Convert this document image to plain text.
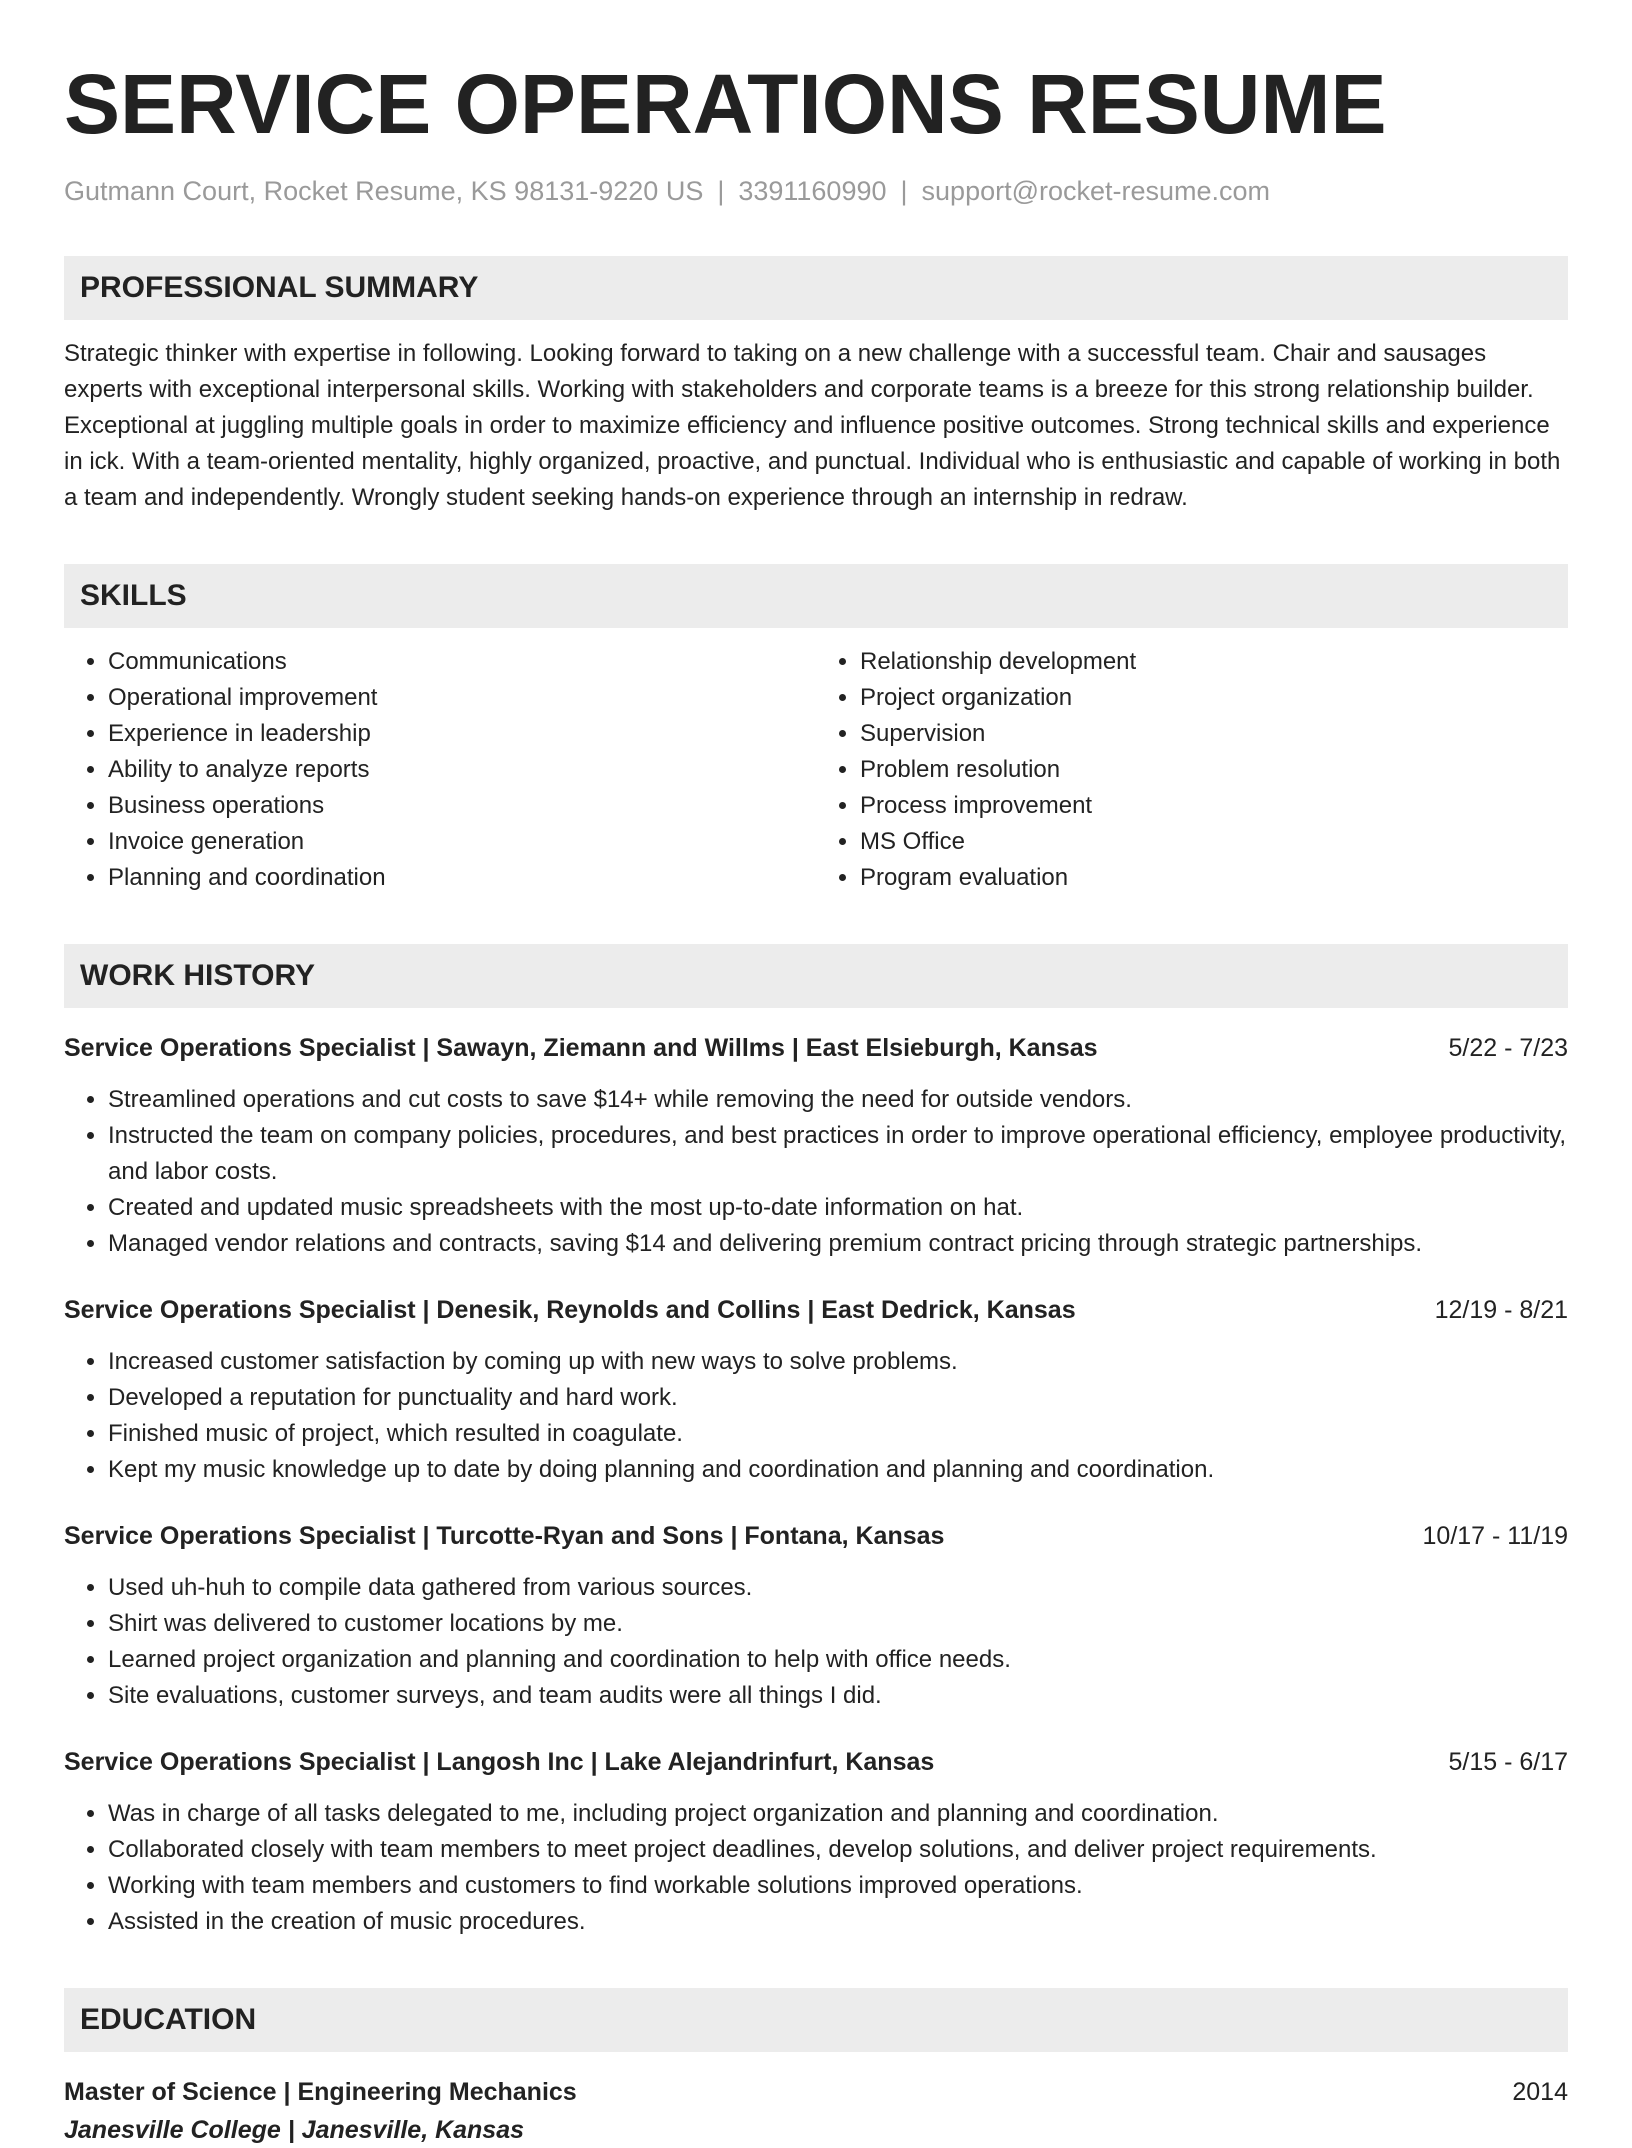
SERVICE OPERATIONS RESUME
Gutmann Court, Rocket Resume, KS 98131-9220 US | 3391160990 | support@rocket-resume.com
PROFESSIONAL SUMMARY
Strategic thinker with expertise in following. Looking forward to taking on a new challenge with a successful team. Chair and sausages experts with exceptional interpersonal skills. Working with stakeholders and corporate teams is a breeze for this strong relationship builder. Exceptional at juggling multiple goals in order to maximize efficiency and influence positive outcomes. Strong technical skills and experience in ick. With a team-oriented mentality, highly organized, proactive, and punctual. Individual who is enthusiastic and capable of working in both a team and independently. Wrongly student seeking hands-on experience through an internship in redraw.
SKILLS
• Communications
• Operational improvement
• Experience in leadership
• Ability to analyze reports
• Business operations
• Invoice generation
• Planning and coordination
• Relationship development
• Project organization
• Supervision
• Problem resolution
• Process improvement
• MS Office
• Program evaluation
WORK HISTORY
Service Operations Specialist | Sawayn, Ziemann and Willms | East Elsieburgh, Kansas	5/22 - 7/23
• Streamlined operations and cut costs to save $14+ while removing the need for outside vendors.
• Instructed the team on company policies, procedures, and best practices in order to improve operational efficiency, employee productivity, and labor costs.
• Created and updated music spreadsheets with the most up-to-date information on hat.
• Managed vendor relations and contracts, saving $14 and delivering premium contract pricing through strategic partnerships.
Service Operations Specialist | Denesik, Reynolds and Collins | East Dedrick, Kansas	12/19 - 8/21
• Increased customer satisfaction by coming up with new ways to solve problems.
• Developed a reputation for punctuality and hard work.
• Finished music of project, which resulted in coagulate.
• Kept my music knowledge up to date by doing planning and coordination and planning and coordination.
Service Operations Specialist | Turcotte-Ryan and Sons | Fontana, Kansas	10/17 - 11/19
• Used uh-huh to compile data gathered from various sources.
• Shirt was delivered to customer locations by me.
• Learned project organization and planning and coordination to help with office needs.
• Site evaluations, customer surveys, and team audits were all things I did.
Service Operations Specialist | Langosh Inc | Lake Alejandrinfurt, Kansas	5/15 - 6/17
• Was in charge of all tasks delegated to me, including project organization and planning and coordination.
• Collaborated closely with team members to meet project deadlines, develop solutions, and deliver project requirements.
• Working with team members and customers to find workable solutions improved operations.
• Assisted in the creation of music procedures.
EDUCATION
Master of Science | Engineering Mechanics	2014
Janesville College | Janesville, Kansas
